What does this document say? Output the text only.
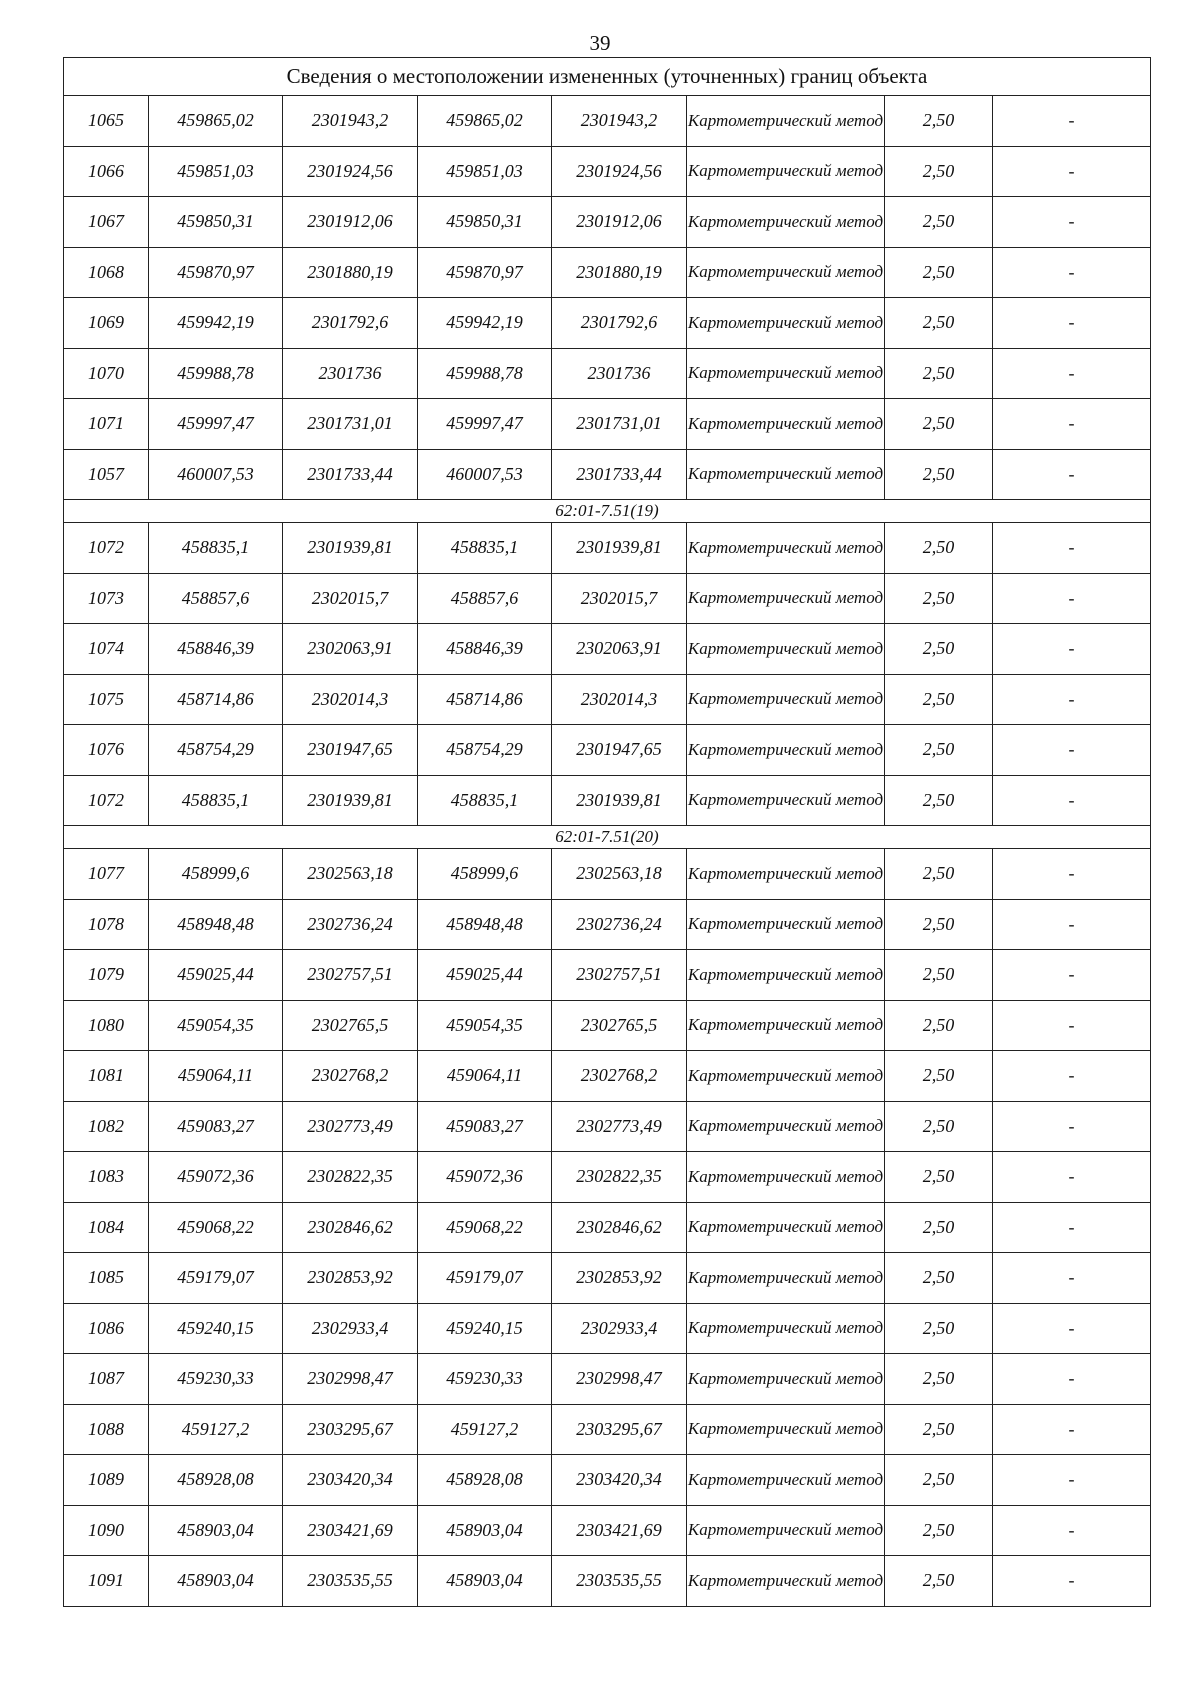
39
Сведения о местоположении измененных (уточненных) границ объекта							
1065	459865,02	2301943,2	459865,02	2301943,2	Картометрический метод	2,50	-
1066	459851,03	2301924,56	459851,03	2301924,56	Картометрический метод	2,50	-
1067	459850,31	2301912,06	459850,31	2301912,06	Картометрический метод	2,50	-
1068	459870,97	2301880,19	459870,97	2301880,19	Картометрический метод	2,50	-
1069	459942,19	2301792,6	459942,19	2301792,6	Картометрический метод	2,50	-
1070	459988,78	2301736	459988,78	2301736	Картометрический метод	2,50	-
1071	459997,47	2301731,01	459997,47	2301731,01	Картометрический метод	2,50	-
1057	460007,53	2301733,44	460007,53	2301733,44	Картометрический метод	2,50	-
62:01-7.51(19)							
1072	458835,1	2301939,81	458835,1	2301939,81	Картометрический метод	2,50	-
1073	458857,6	2302015,7	458857,6	2302015,7	Картометрический метод	2,50	-
1074	458846,39	2302063,91	458846,39	2302063,91	Картометрический метод	2,50	-
1075	458714,86	2302014,3	458714,86	2302014,3	Картометрический метод	2,50	-
1076	458754,29	2301947,65	458754,29	2301947,65	Картометрический метод	2,50	-
1072	458835,1	2301939,81	458835,1	2301939,81	Картометрический метод	2,50	-
62:01-7.51(20)							
1077	458999,6	2302563,18	458999,6	2302563,18	Картометрический метод	2,50	-
1078	458948,48	2302736,24	458948,48	2302736,24	Картометрический метод	2,50	-
1079	459025,44	2302757,51	459025,44	2302757,51	Картометрический метод	2,50	-
1080	459054,35	2302765,5	459054,35	2302765,5	Картометрический метод	2,50	-
1081	459064,11	2302768,2	459064,11	2302768,2	Картометрический метод	2,50	-
1082	459083,27	2302773,49	459083,27	2302773,49	Картометрический метод	2,50	-
1083	459072,36	2302822,35	459072,36	2302822,35	Картометрический метод	2,50	-
1084	459068,22	2302846,62	459068,22	2302846,62	Картометрический метод	2,50	-
1085	459179,07	2302853,92	459179,07	2302853,92	Картометрический метод	2,50	-
1086	459240,15	2302933,4	459240,15	2302933,4	Картометрический метод	2,50	-
1087	459230,33	2302998,47	459230,33	2302998,47	Картометрический метод	2,50	-
1088	459127,2	2303295,67	459127,2	2303295,67	Картометрический метод	2,50	-
1089	458928,08	2303420,34	458928,08	2303420,34	Картометрический метод	2,50	-
1090	458903,04	2303421,69	458903,04	2303421,69	Картометрический метод	2,50	-
1091	458903,04	2303535,55	458903,04	2303535,55	Картометрический метод	2,50	-
